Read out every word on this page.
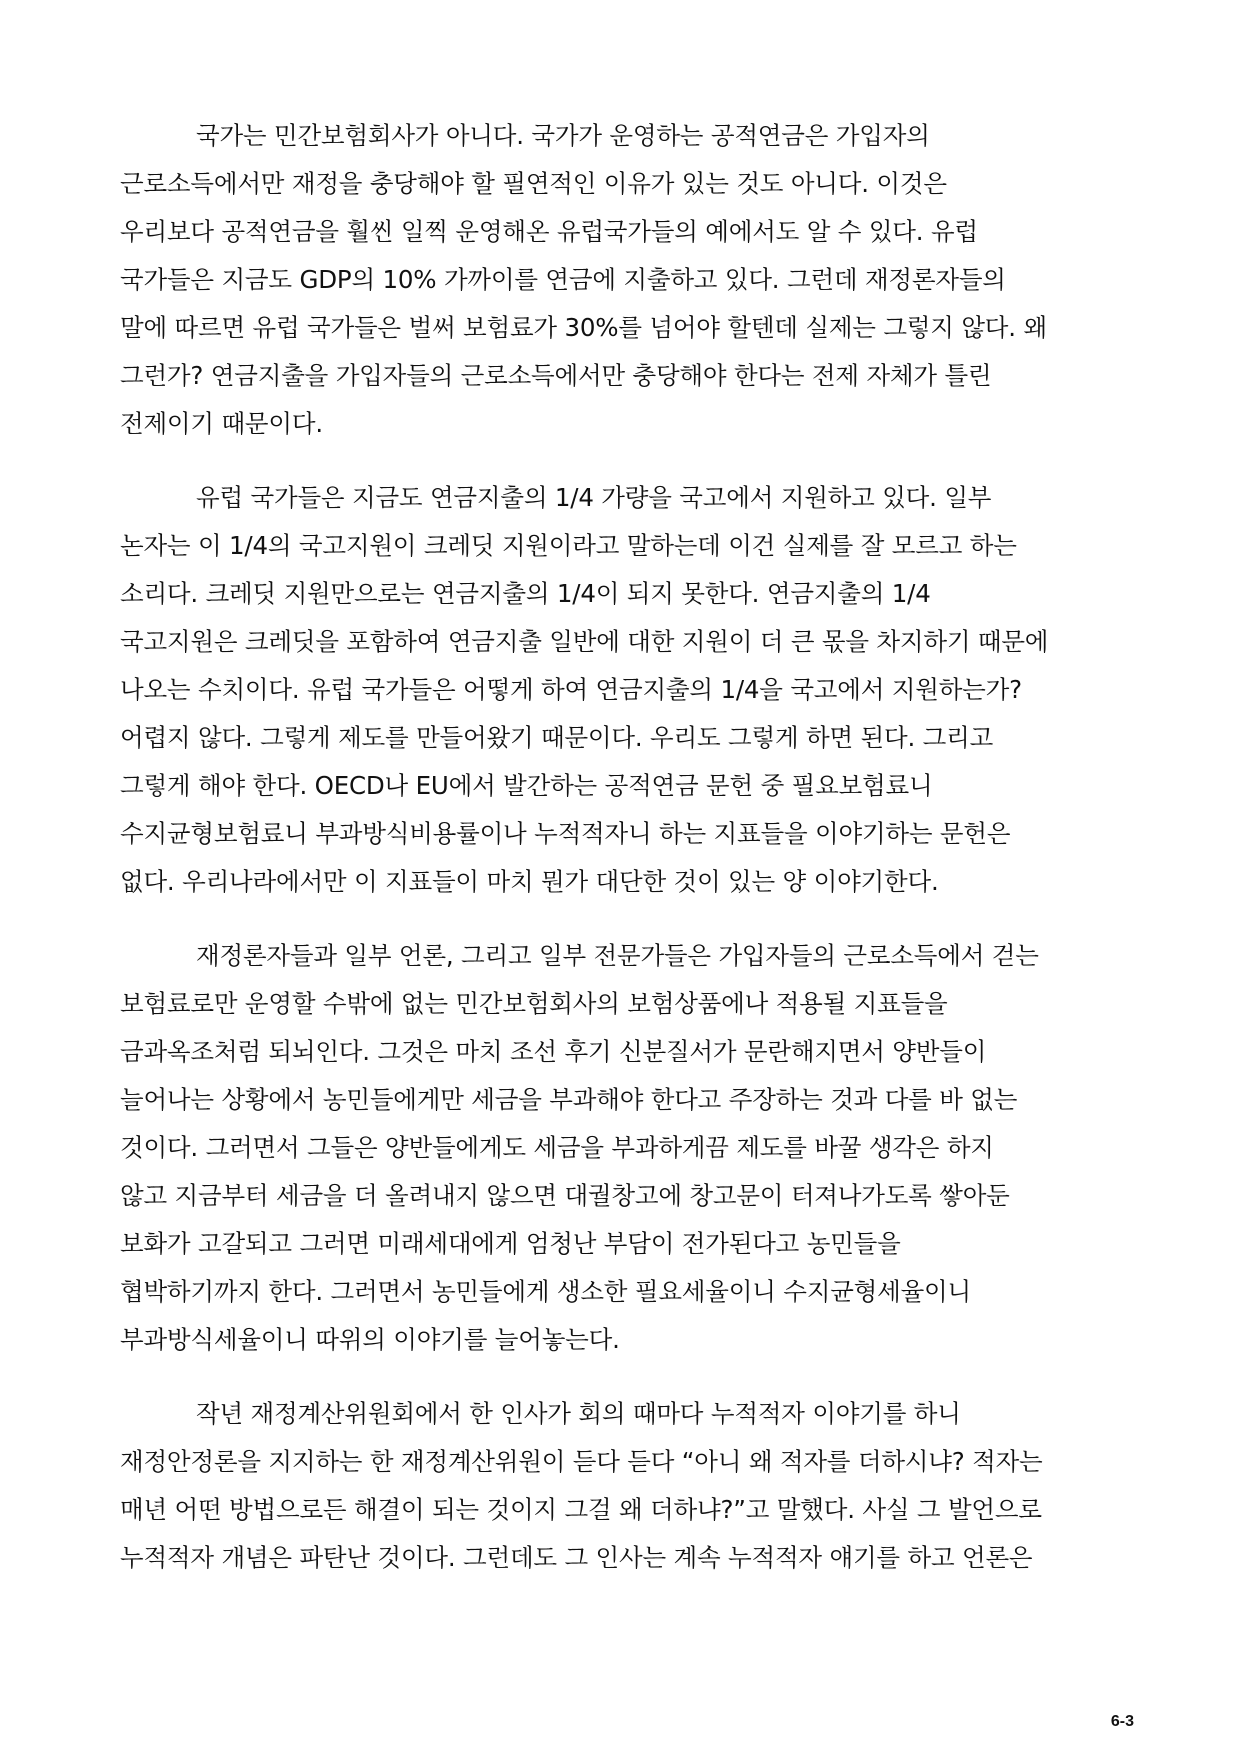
국가는 민간보험회사가 아니다. 국가가 운영하는 공적연금은 가입자의
근로소득에서만 재정을 충당해야 할 필연적인 이유가 있는 것도 아니다. 이것은
우리보다 공적연금을 훨씬 일찍 운영해온 유럽국가들의 예에서도 알 수 있다. 유럽
국가들은 지금도 GDP의 10% 가까이를 연금에 지출하고 있다. 그런데 재정론자들의
말에 따르면 유럽 국가들은 벌써 보험료가 30%를 넘어야 할텐데 실제는 그렇지 않다. 왜
그런가? 연금지출을 가입자들의 근로소득에서만 충당해야 한다는 전제 자체가 틀린
전제이기 때문이다.
유럽 국가들은 지금도 연금지출의 1/4 가량을 국고에서 지원하고 있다. 일부
논자는 이 1/4의 국고지원이 크레딧 지원이라고 말하는데 이건 실제를 잘 모르고 하는
소리다. 크레딧 지원만으로는 연금지출의 1/4이 되지 못한다. 연금지출의 1/4
국고지원은 크레딧을 포함하여 연금지출 일반에 대한 지원이 더 큰 몫을 차지하기 때문에
나오는 수치이다. 유럽 국가들은 어떻게 하여 연금지출의 1/4을 국고에서 지원하는가?
어렵지 않다. 그렇게 제도를 만들어왔기 때문이다. 우리도 그렇게 하면 된다. 그리고
그렇게 해야 한다. OECD나 EU에서 발간하는 공적연금 문헌 중 필요보험료니
수지균형보험료니 부과방식비용률이나 누적적자니 하는 지표들을 이야기하는 문헌은
없다. 우리나라에서만 이 지표들이 마치 뭔가 대단한 것이 있는 양 이야기한다.
재정론자들과 일부 언론, 그리고 일부 전문가들은 가입자들의 근로소득에서 걷는
보험료로만 운영할 수밖에 없는 민간보험회사의 보험상품에나 적용될 지표들을
금과옥조처럼 되뇌인다. 그것은 마치 조선 후기 신분질서가 문란해지면서 양반들이
늘어나는 상황에서 농민들에게만 세금을 부과해야 한다고 주장하는 것과 다를 바 없는
것이다. 그러면서 그들은 양반들에게도 세금을 부과하게끔 제도를 바꿀 생각은 하지
않고 지금부터 세금을 더 올려내지 않으면 대궐창고에 창고문이 터져나가도록 쌓아둔
보화가 고갈되고 그러면 미래세대에게 엄청난 부담이 전가된다고 농민들을
협박하기까지 한다. 그러면서 농민들에게 생소한 필요세율이니 수지균형세율이니
부과방식세율이니 따위의 이야기를 늘어놓는다.
작년 재정계산위원회에서 한 인사가 회의 때마다 누적적자 이야기를 하니
재정안정론을 지지하는 한 재정계산위원이 듣다 듣다 “아니 왜 적자를 더하시냐? 적자는
매년 어떤 방법으로든 해결이 되는 것이지 그걸 왜 더하냐?”고 말했다. 사실 그 발언으로
누적적자 개념은 파탄난 것이다. 그런데도 그 인사는 계속 누적적자 얘기를 하고 언론은
6-3
